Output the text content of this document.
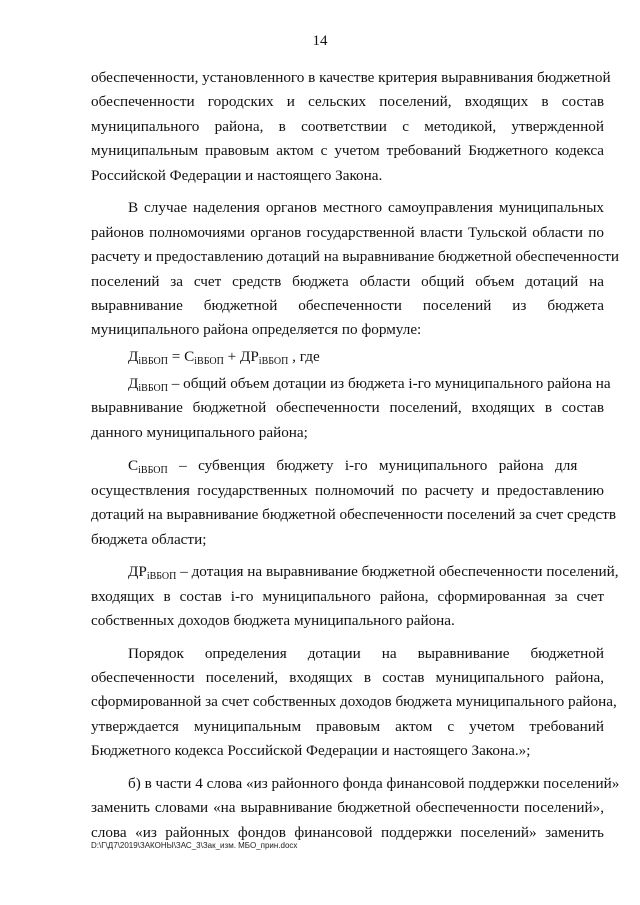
14
обеспеченности, установленного в качестве критерия выравнивания бюджетной
обеспеченности городских и сельских поселений, входящих в состав
муниципального района, в соответствии с методикой, утвержденной
муниципальным правовым актом с учетом требований Бюджетного кодекса
Российской Федерации и настоящего Закона.
В случае наделения органов местного самоуправления муниципальных
районов полномочиями органов государственной власти Тульской области по
расчету и предоставлению дотаций на выравнивание бюджетной обеспеченности
поселений за счет средств бюджета области общий объем дотаций на
выравнивание бюджетной обеспеченности поселений из бюджета
муниципального района определяется по формуле:
$Д_{iВБОП} = С_{iВБОП} + ДР_{iВБОП}$ , где
$Д_{iВБОП}$ – общий объем дотации из бюджета i-го муниципального района на
выравнивание бюджетной обеспеченности поселений, входящих в состав
данного муниципального района;
$С_{iВБОП}$   –   субвенция   бюджету   i-го   муниципального   района   для
осуществления государственных полномочий по расчету и предоставлению
дотаций на выравнивание бюджетной обеспеченности поселений за счет средств
бюджета области;
$ДР_{iВБОП}$ – дотация на выравнивание бюджетной обеспеченности поселений,
входящих в состав i-го муниципального района, сформированная за счет
собственных доходов бюджета муниципального района.
Порядок определения дотации на выравнивание бюджетной
обеспеченности поселений, входящих в состав муниципального района,
сформированной за счет собственных доходов бюджета муниципального района,
утверждается муниципальным правовым актом с учетом требований
Бюджетного кодекса Российской Федерации и настоящего Закона.»;
б) в части 4 слова «из районного фонда финансовой поддержки поселений»
заменить словами «на выравнивание бюджетной обеспеченности поселений»,
слова «из районных фондов финансовой поддержки поселений» заменить
D:\Г\Д7\2019\ЗАКОНЫ\ЗАС_3\Зак_изм. МБО_прин.docx
